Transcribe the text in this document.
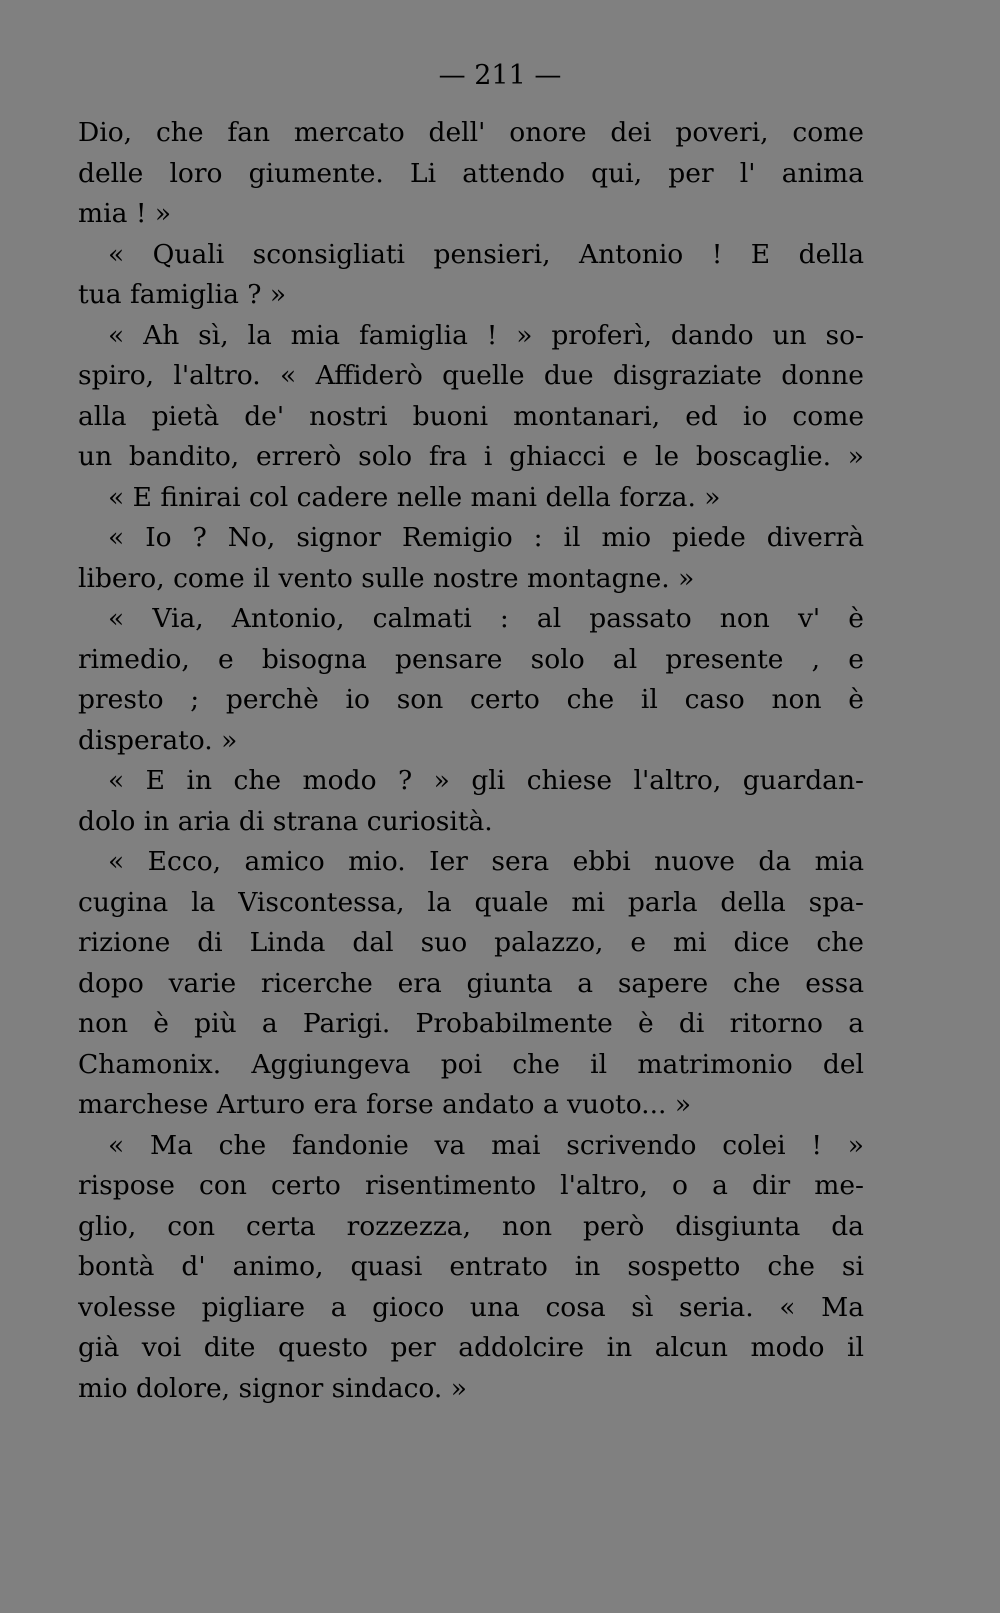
— 211 —
Dio, che fan mercato dell' onore dei poveri, come
delle loro giumente. Li attendo qui, per l' anima
mia ! »
« Quali sconsigliati pensieri, Antonio ! E della
tua famiglia ? »
« Ah sì, la mia famiglia ! » proferì, dando un so-
spiro, l'altro. « Affiderò quelle due disgraziate donne
alla pietà de' nostri buoni montanari, ed io come
un bandito, errerò solo fra i ghiacci e le boscaglie. »
« E finirai col cadere nelle mani della forza. »
« Io ? No, signor Remigio : il mio piede diverrà
libero, come il vento sulle nostre montagne. »
« Via, Antonio, calmati : al passato non v' è
rimedio, e bisogna pensare solo al presente , e
presto ; perchè io son certo che il caso non è
disperato. »
« E in che modo ? » gli chiese l'altro, guardan-
dolo in aria di strana curiosità.
« Ecco, amico mio. Ier sera ebbi nuove da mia
cugina la Viscontessa, la quale mi parla della spa-
rizione di Linda dal suo palazzo, e mi dice che
dopo varie ricerche era giunta a sapere che essa
non è più a Parigi. Probabilmente è di ritorno a
Chamonix. Aggiungeva poi che il matrimonio del
marchese Arturo era forse andato a vuoto... »
« Ma che fandonie va mai scrivendo colei ! »
rispose con certo risentimento l'altro, o a dir me-
glio, con certa rozzezza, non però disgiunta da
bontà d' animo, quasi entrato in sospetto che si
volesse pigliare a gioco una cosa sì seria. « Ma
già voi dite questo per addolcire in alcun modo il
mio dolore, signor sindaco. »
